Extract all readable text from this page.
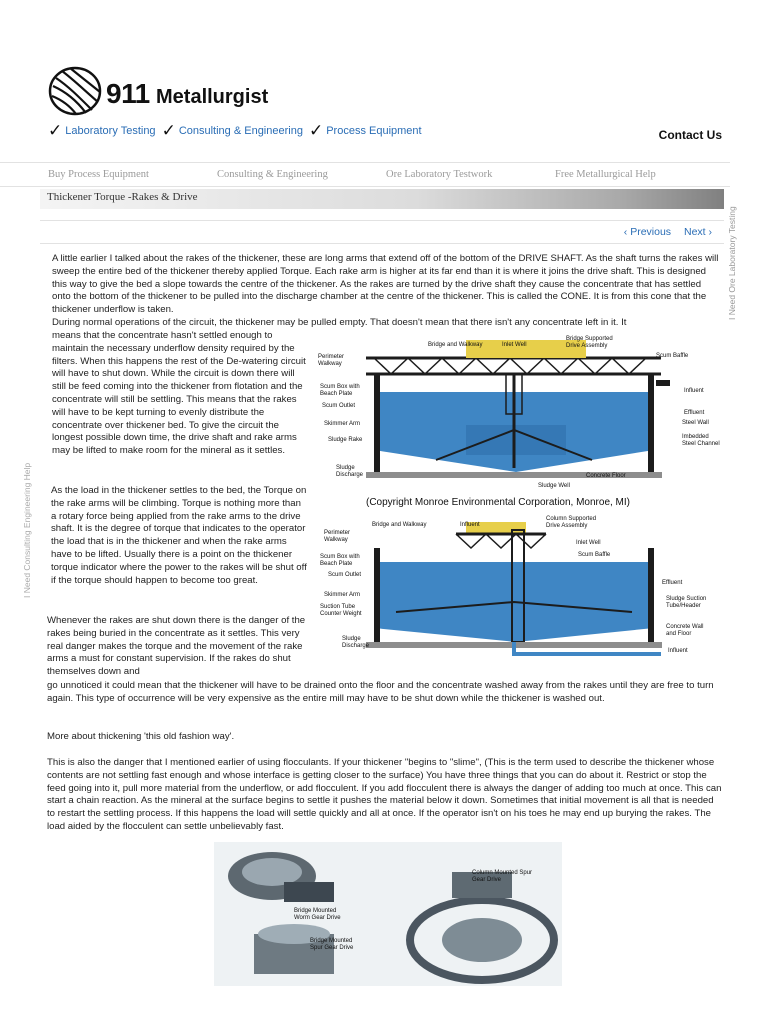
911 Metallurgist
✓ Laboratory Testing ✓ Consulting & Engineering ✓ Process Equipment	Contact Us
Buy Process Equipment	Consulting & Engineering	Ore Laboratory Testwork	Free Metallurgical Help
Thickener Torque -Rakes & Drive
‹ Previous Next › I Need Ore Laboratory Testing
I Need Consulting Engineering Help
A little earlier I talked about the rakes of the thickener, these are long arms that extend off of the bottom of the DRIVE SHAFT. As the shaft turns the rakes will sweep the entire bed of the thickener thereby applied Torque. Each rake arm is higher at its far end than it is where it joins the drive shaft. This is designed this way to give the bed a slope towards the centre of the thickener. As the rakes are turned by the drive shaft they cause the concentrate that has settled onto the bottom of the thickener to be pulled into the discharge chamber at the centre of the thickener. This is called the CONE. It is from this cone that the thickener underflow is taken.
During normal operations of the circuit, the thickener may be pulled empty. That doesn't mean that there isn't any concentrate left in it. It
means that the concentrate hasn't settled enough to maintain the necessary underflow density required by the filters. When this happens the rest of the De-watering circuit will have to shut down. While the circuit is down there will still be feed coming into the thickener from flotation and the concentrate will still be settling. This means that the rakes will have to be kept turning to evenly distribute the concentrate over thickener bed. To give the circuit the longest possible down time, the drive shaft and rake arms may be lifted to make room for the mineral as it settles.
As the load in the thickener settles to the bed, the Torque on the rake arms will be climbing. Torque is nothing more than a rotary force being applied from the rake arms to the drive shaft. It is the degree of torque that indicates to the operator the load that is in the thickener and when the rake arms have to be lifted. Usually there is a point on the thickener torque indicator where the power to the rakes will be shut off if the torque should happen to become too great.
Whenever the rakes are shut down there is the danger of the rakes being buried in the concentrate as it settles. This very real danger makes the torque and the movement of the rake arms a must for constant supervision. If the rakes do shut themselves down and
go unnoticed it could mean that the thickener will have to be drained onto the floor and the concentrate washed away from the rakes until they are free to turn again. This type of occurrence will be very expensive as the entire mill may have to be shut down while the thickener is washed out.
More about thickening 'this old fashion way'.
This is also the danger that I mentioned earlier of using flocculants. If your thickener "begins to "slime", (This is the term used to describe the thickener whose contents are not settling fast enough and whose interface is getting closer to the surface) You have three things that you can do about it. Restrict or stop the feed going into it, pull more material from the underflow, or add flocculent. If you add flocculent there is always the danger of adding too much at once. This can start a chain reaction. As the mineral at the surface begins to settle it pushes the material below it down. Sometimes that initial movement is all that is needed to restart the settling process. If this happens the load will settle quickly and all at once. If the operator isn't on his toes he may end up burying the rakes. The load aided by the flocculent can settle unbelievably fast.
Bridge and Walkway	Inlet Well
Bridge Supported Drive Assembly
Perimeter Walkway
Scum Baffle
Influent
Scum Box with Beach Plate
Scum Outlet
Effluent
Steel Wall
Skimmer Arm
Sludge Rake	Imbedded Steel Channel
Sludge Discharge	Concrete Floor
Sludge Well
(Copyright Monroe Environmental Corporation, Monroe, MI)
Bridge and Walkway	Influent
Column Supported Drive Assembly
Perimeter Walkway	Inlet Well
Scum Box with Beach Plate
Scum Baffle
Scum Outlet
Effluent
Skimmer Arm
Suction Tube Counter Weight
Sludge Suction Tube/Header
Concrete Wall and Floor
Sludge Discharge
Influent
Bridge Mounted Worm Gear Drive
Bridge Mounted Spur Gear Drive
Column Mounted Spur Gear Drive
